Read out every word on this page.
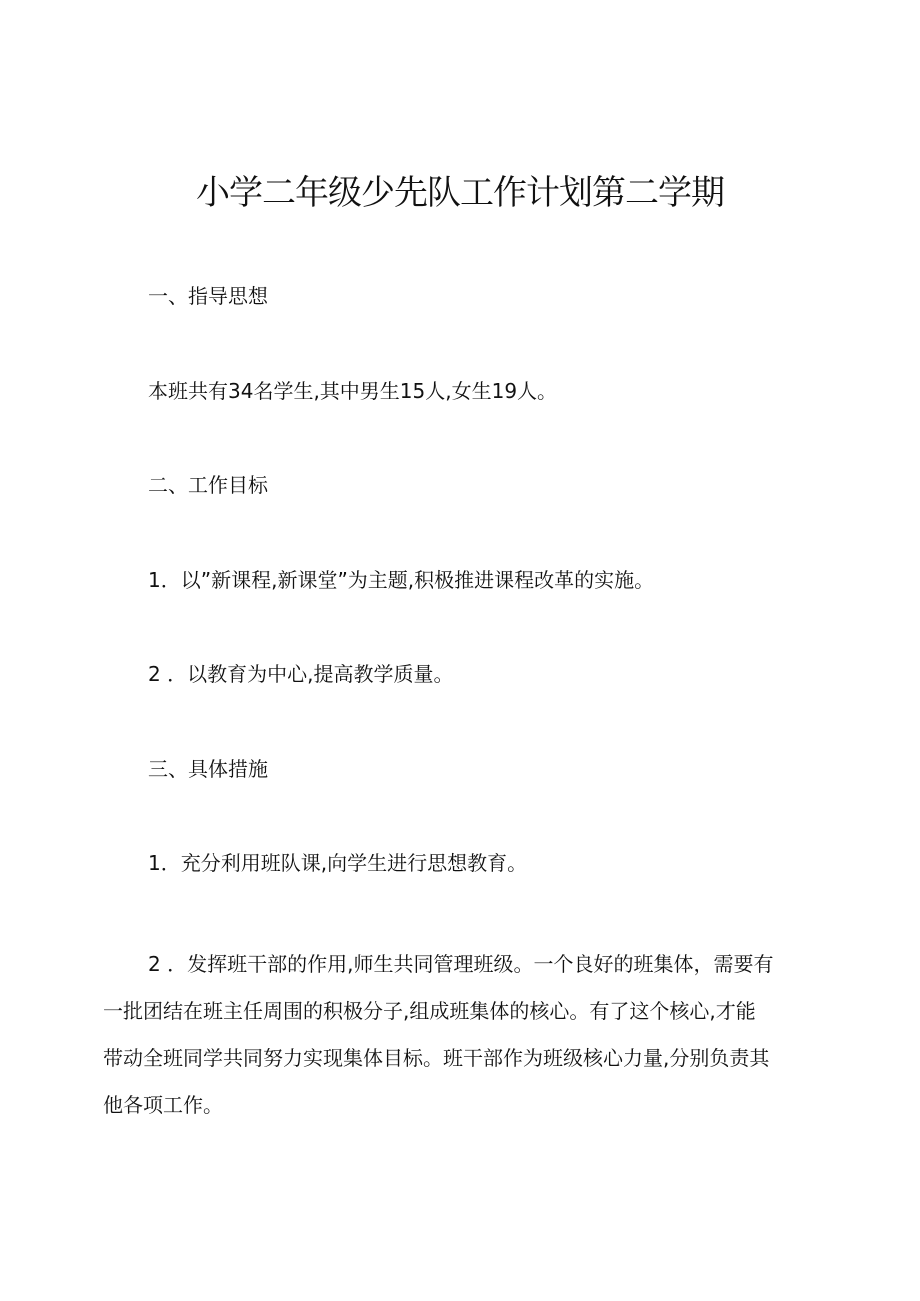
小学二年级少先队工作计划第二学期

一、指导思想

本班共有34名学生,其中男生15人,女生19人。

二、工作目标

1．以”新课程,新课堂”为主题,积极推进课程改革的实施。

2 ．以教育为中心,提高教学质量。

三、具体措施

1．充分利用班队课,向学生进行思想教育。

2 ．发挥班干部的作用,师生共同管理班级。一个良好的班集体，需要有
一批团结在班主任周围的积极分子,组成班集体的核心。有了这个核心,才能
带动全班同学共同努力实现集体目标。班干部作为班级核心力量,分别负责其
他各项工作。
